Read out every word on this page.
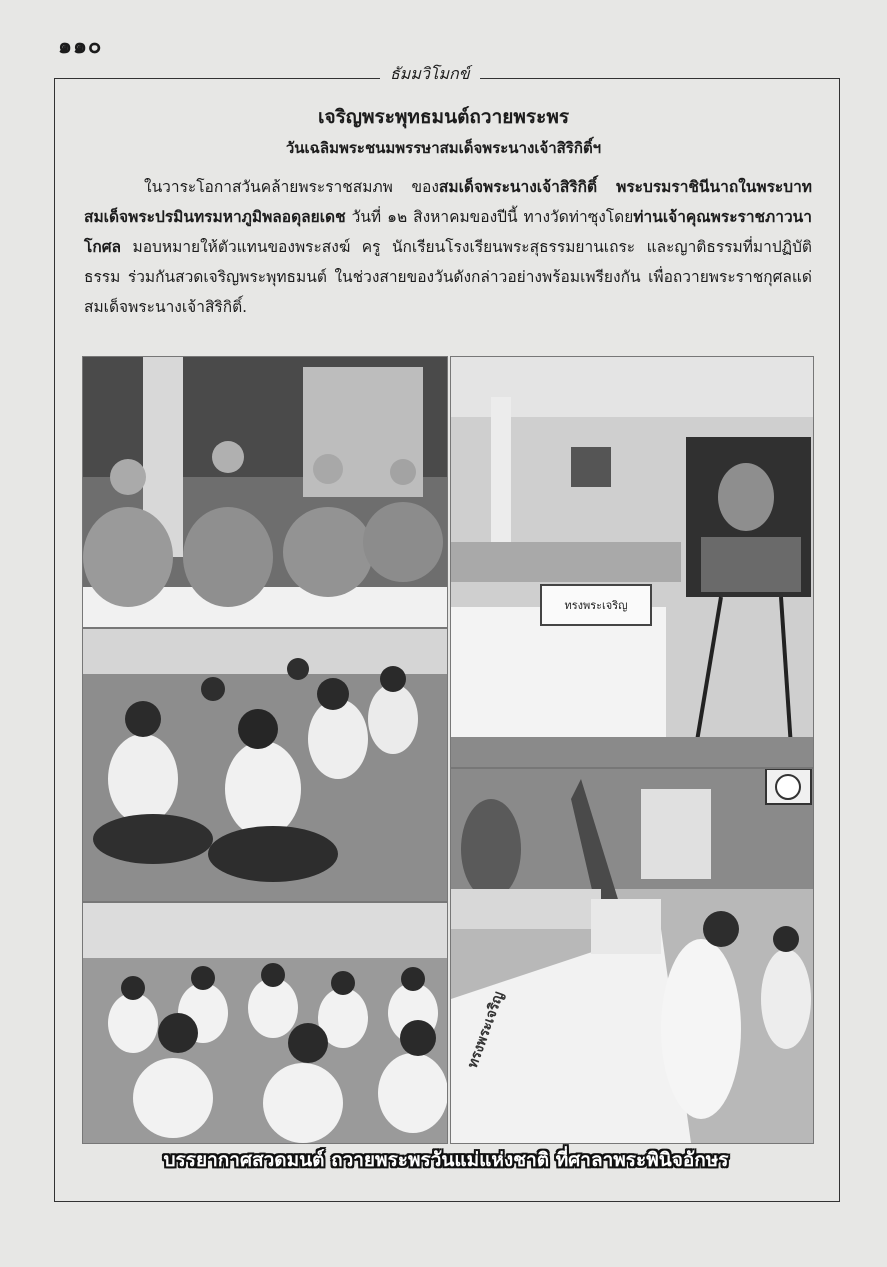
๑๑๐
ธัมมวิโมกข์
เจริญพระพุทธมนต์ถวายพระพร
วันเฉลิมพระชนมพรรษาสมเด็จพระนางเจ้าสิริกิติ์ฯ
ในวาระโอกาสวันคล้ายพระราชสมภพ ของสมเด็จพระนางเจ้าสิริกิติ์ พระบรมราชินีนาถในพระบาทสมเด็จพระปรมินทรมหาภูมิพลอดุลยเดช วันที่ ๑๒ สิงหาคมของปีนี้ ทางวัดท่าซุงโดยท่านเจ้าคุณพระราชภาวนาโกศล มอบหมายให้ตัวแทนของพระสงฆ์ ครู นักเรียนโรงเรียนพระสุธรรมยานเถระ และญาติธรรมที่มาปฏิบัติธรรม ร่วมกันสวดเจริญพระพุทธมนต์ ในช่วงสายของวันดังกล่าวอย่างพร้อมเพรียงกัน เพื่อถวายพระราชกุศลแด่สมเด็จพระนางเจ้าสิริกิติ์.
ทรงพระเจริญ
ทรงพระเจริญ
บรรยากาศสวดมนต์ ถวายพระพรวันแม่แห่งชาติ ที่ศาลาพระพินิจอักษร
